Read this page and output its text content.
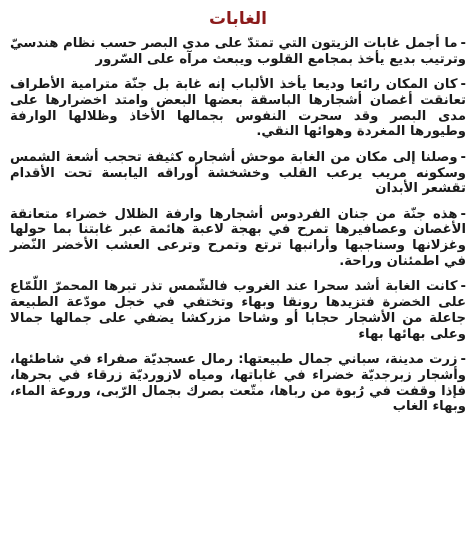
الغابات

-ما أجمل غابات الزيتون التي تمتدّ على مدى البصر حسب نظام هندسيّ وترتيب بديع يأخذ بمجامع القلوب ويبعث مرآه على السّرور

-كان المكان رائعا وديعا يأخذ الألباب إنه غابة بل جنّة مترامية الأطراف تعانقت أغصان أشجارها الباسقة بعضها البعض وامتد اخضرارها على مدى البصر وقد سحرت النفوس بجمالها الأخاذ وظلالها الوارفة وطيورها المغردة وهوائها النقي.

-وصلنا إلى مكان من الغابة موحش أشجاره كثيفة تحجب أشعة الشمس وسكونه مريب يرعب القلب وخشخشة أوراقه اليابسة تحت الأقدام تقشعر الأبدان

-هذه جنّة من جنان الفردوس أشجارها وارفة الظلال خضراء متعانقة الأغصان وعصافيرها تمرح في بهجة لاعبة هائمة عبر غابتنا بما حولها وغزلانها وسناجبها وأرانبها ترتع وتمرح وترعى العشب الأخضر النّضر في اطمئنان وراحة.

-كانت الغابة أشد سحرا عند الغروب فالشّمس تذر تبرها المحمرّ اللّمّاع على الخضرة فتزيدها رونقا وبهاء وتختفي في خجل مودّعة الطبيعة جاعلة من الأشجار حجابا أو وشاحا مزركشا يضفي على جمالها جمالا وعلى بهائها بهاء

-زرت مدينة، سباني جمال طبيعتها: رمال عسجديّة صفراء في شاطئها، وأشجار زبرجديّة خضراء في غاباتها، ومياه لازورديّة زرقاء في بحرها، فإذا وقفت في رُبوة من رباها، متّعت بصرك بجمال الرّبى، وروعة الماء، وبهاء الغاب
